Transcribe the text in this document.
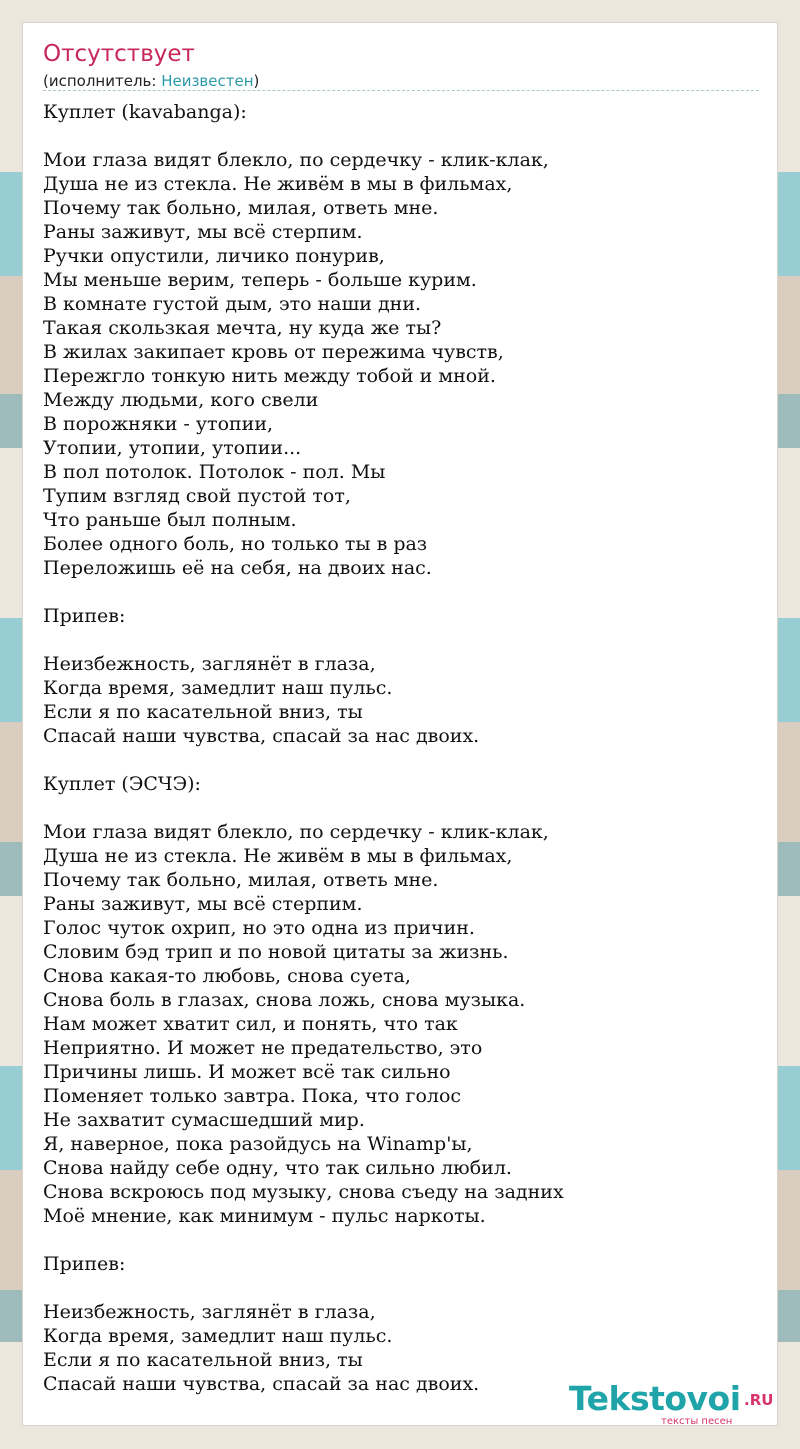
Отсутствует
(исполнитель: Неизвестен)
Куплет (kavabanga):
Мои глаза видят блекло, по сердечку - клик-клак,
Душа не из стекла. Не живём в мы в фильмах,
Почему так больно, милая, ответь мне.
Раны заживут, мы всё стерпим.
Ручки опустили, личико понурив,
Мы меньше верим, теперь - больше курим.
В комнате густой дым, это наши дни.
Такая скользкая мечта, ну куда же ты?
В жилах закипает кровь от пережима чувств,
Пережгло тонкую нить между тобой и мной.
Между людьми, кого свели
В порожняки - утопии,
Утопии, утопии, утопии...
В пол потолок. Потолок - пол. Мы
Тупим взгляд свой пустой тот,
Что раньше был полным.
Более одного боль, но только ты в раз
Переложишь её на себя, на двоих нас.
Припев:
Неизбежность, заглянёт в глаза,
Когда время, замедлит наш пульс.
Если я по касательной вниз, ты
Спасай наши чувства, спасай за нас двоих.
Куплет (ЭСЧЭ):
Мои глаза видят блекло, по сердечку - клик-клак,
Душа не из стекла. Не живём в мы в фильмах,
Почему так больно, милая, ответь мне.
Раны заживут, мы всё стерпим.
Голос чуток охрип, но это одна из причин.
Словим бэд трип и по новой цитаты за жизнь.
Снова какая-то любовь, снова суета,
Снова боль в глазах, снова ложь, снова музыка.
Нам может хватит сил, и понять, что так
Неприятно. И может не предательство, это
Причины лишь. И может всё так сильно
Поменяет только завтра. Пока, что голос
Не захватит сумасшедший мир.
Я, наверное, пока разойдусь на Winamp'ы,
Снова найду себе одну, что так сильно любил.
Снова вскроюсь под музыку, снова съеду на задних
Моё мнение, как минимум - пульс наркоты.
Припев:
Неизбежность, заглянёт в глаза,
Когда время, замедлит наш пульс.
Если я по касательной вниз, ты
Спасай наши чувства, спасай за нас двоих.	Tekstovoi .RU
тексты песен
